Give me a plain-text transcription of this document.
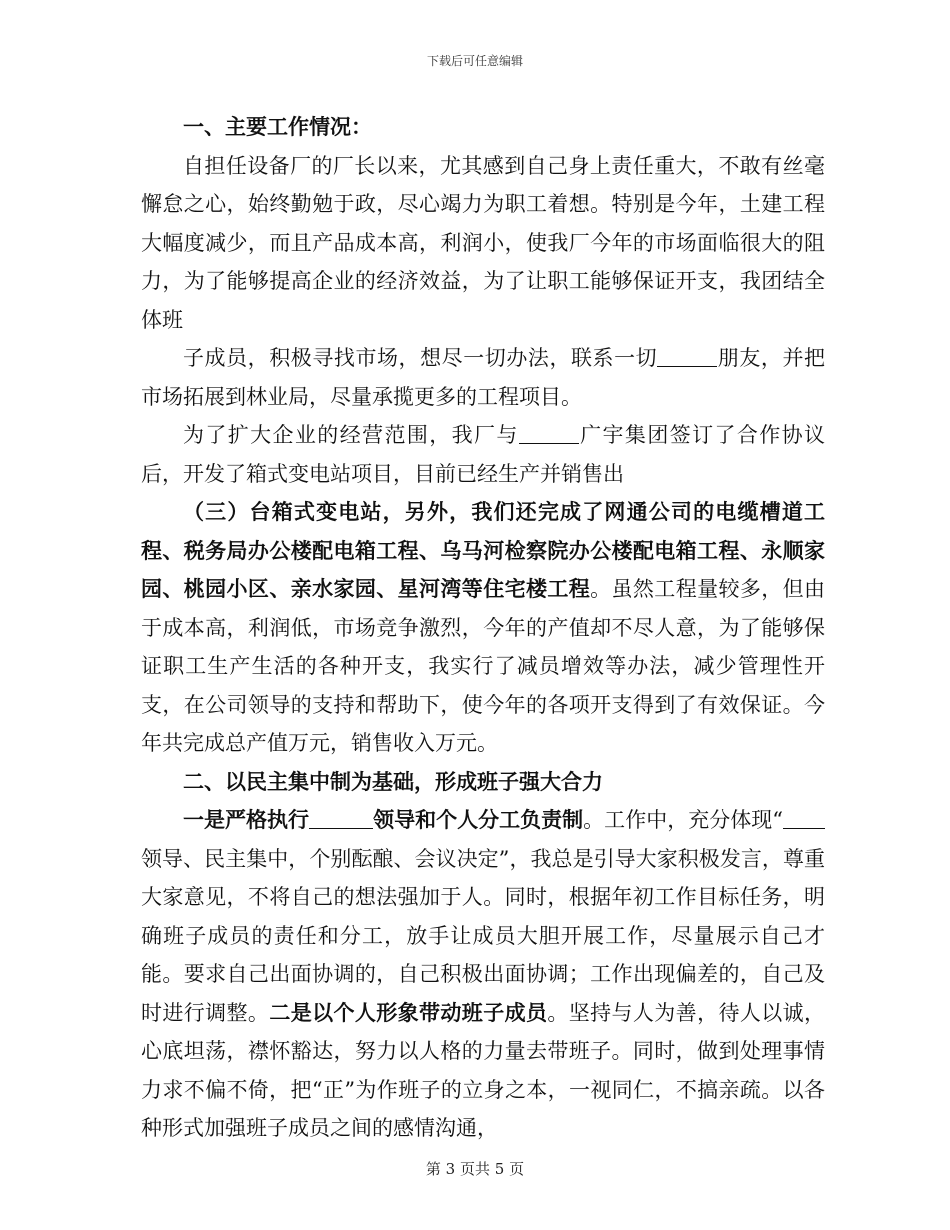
下载后可任意编辑

一、主要工作情况：

自担任设备厂的厂长以来，尤其感到自己身上责任重大，不敢有丝毫懈怠之心，始终勤勉于政，尽心竭力为职工着想。特别是今年，土建工程大幅度减少，而且产品成本高，利润小，使我厂今年的市场面临很大的阻力，为了能够提高企业的经济效益，为了让职工能够保证开支，我团结全体班

子成员，积极寻找市场，想尽一切办法，联系一切	朋友，并把市场拓展到林业局，尽量承揽更多的工程项目。

为了扩大企业的经营范围，我厂与	广宇集团签订了合作协议后，开发了箱式变电站项目，目前已经生产并销售出

（三）台箱式变电站，另外，我们还完成了网通公司的电缆槽道工程、税务局办公楼配电箱工程、乌马河检察院办公楼配电箱工程、永顺家园、桃园小区、亲水家园、星河湾等住宅楼工程。虽然工程量较多，但由于成本高，利润低，市场竞争激烈，今年的产值却不尽人意，为了能够保证职工生产生活的各种开支，我实行了减员增效等办法，减少管理性开支，在公司领导的支持和帮助下，使今年的各项开支得到了有效保证。今年共完成总产值万元，销售收入万元。

二、以民主集中制为基础，形成班子强大合力

一是严格执行	领导和个人分工负责制。工作中，充分体现“领导、民主集中，个别酝酿、会议决定”，我总是引导大家积极发言，尊重大家意见，不将自己的想法强加于人。同时，根据年初工作目标任务，明确班子成员的责任和分工，放手让成员大胆开展工作，尽量展示自己才能。要求自己出面协调的，自己积极出面协调；工作出现偏差的，自己及时进行调整。二是以个人形象带动班子成员。坚持与人为善，待人以诚，心底坦荡，襟怀豁达，努力以人格的力量去带班子。同时，做到处理事情力求不偏不倚，把“正”为作班子的立身之本，一视同仁，不搞亲疏。以各种形式加强班子成员之间的感情沟通，

第 3 页共 5 页
